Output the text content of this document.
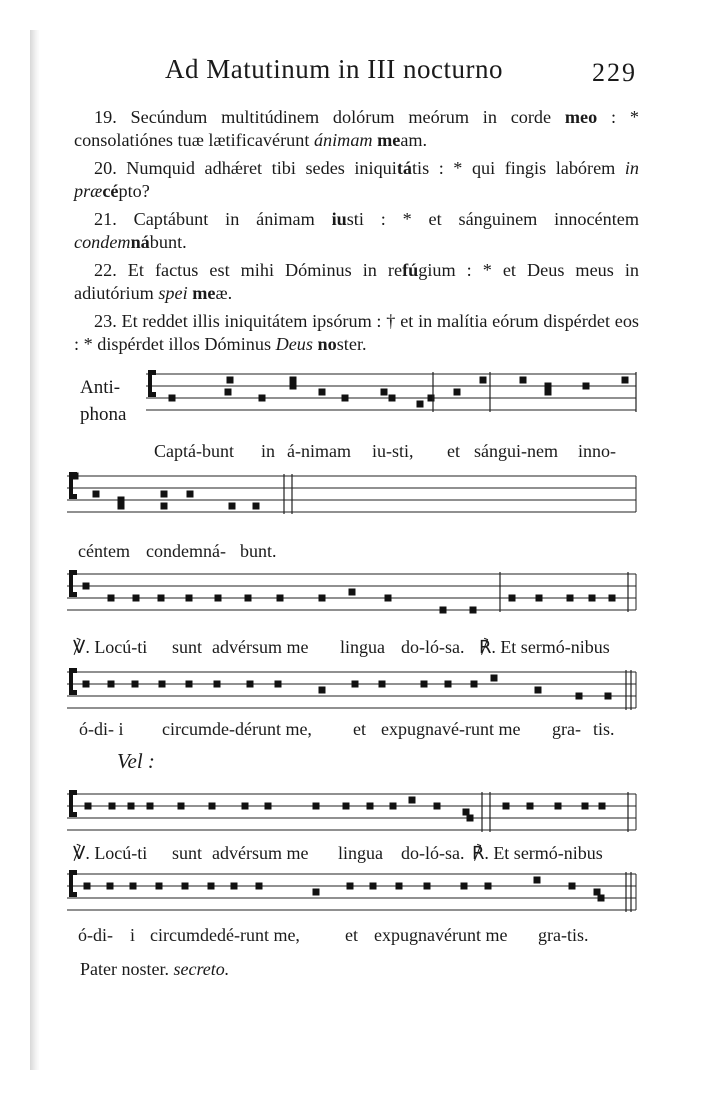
Ad Matutinum in III nocturno	229

19. Secúndum multitúdinem dolórum meórum in corde meo : * consolatiónes tuæ lætificavérunt ánimam meam.

20. Numquid adhǽret tibi sedes iniquitátis : * qui fingis labórem in præcépto?

21. Captábunt in ánimam iusti : * et sánguinem innocéntem condemnábunt.

22. Et factus est mihi Dóminus in refúgium : * et Deus meus in adiutórium spei meæ.

23. Et reddet illis iniquitátem ipsórum : † et in malítia eórum dispérdet eos : * dispérdet illos Dóminus Deus noster.

Anti-
phona
Captá-bunt in á-nimam iu-sti, et sángui-nem inno-
céntem condemná- bunt.
℣. Locú-ti sunt advérsum me lingua do-ló-sa. ℟. Et sermó-nibus
ó-di- i circumde-dérunt me, et expugnavé-runt me gra- tis.
Vel :
℣. Locú-ti sunt advérsum me lingua do-ló-sa. ℟. Et sermó-nibus
ó-di- i circumdedé-runt me,	et expugnavérunt me gra-tis.
Pater noster. secreto.
